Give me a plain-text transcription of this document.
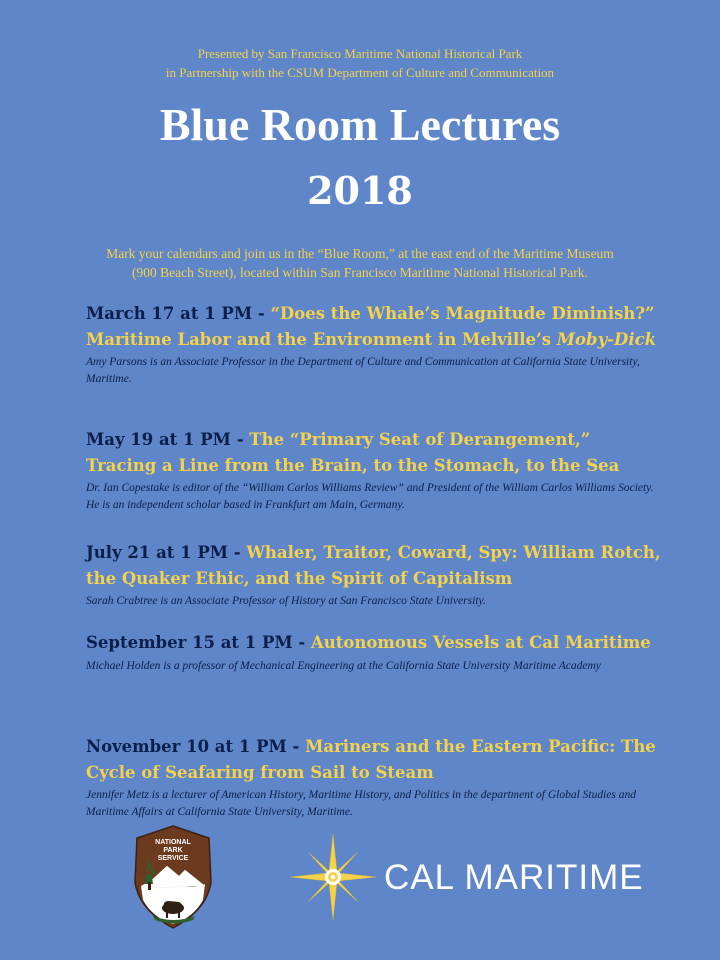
Presented by San Francisco Maritime National Historical Park
in Partnership with the CSUM Department of Culture and Communication
Blue Room Lectures
2018
Mark your calendars and join us in the “Blue Room,” at the east end of the Maritime Museum (900 Beach Street), located within San Francisco Maritime National Historical Park.

March 17 at 1 PM - “Does the Whale’s Magnitude Diminish?” Maritime Labor and the Environment in Melville’s Moby-Dick

Amy Parsons is an Associate Professor in the Department of Culture and Communication at California State University, Maritime.

May 19 at 1 PM - The “Primary Seat of Derangement,” Tracing a Line from the Brain, to the Stomach, to the Sea

Dr. Ian Copestake is editor of the “William Carlos Williams Review” and President of the William Carlos Williams Society. He is an independent scholar based in Frankfurt am Main, Germany.

July 21 at 1 PM - Whaler, Traitor, Coward, Spy: William Rotch, the Quaker Ethic, and the Spirit of Capitalism

Sarah Crabtree is an Associate Professor of History at San Francisco State University.

September 15 at 1 PM - Autonomous Vessels at Cal Maritime

Michael Holden is a professor of Mechanical Engineering at the California State University Maritime Academy

November 10 at 1 PM - Mariners and the Eastern Pacific: The Cycle of Seafaring from Sail to Steam

Jennifer Metz is a lecturer of American History, Maritime History, and Politics in the department of Global Studies and Maritime Affairs at California State University, Maritime.
NATIONAL
PARK
SERVICE	CAL MARITIME
